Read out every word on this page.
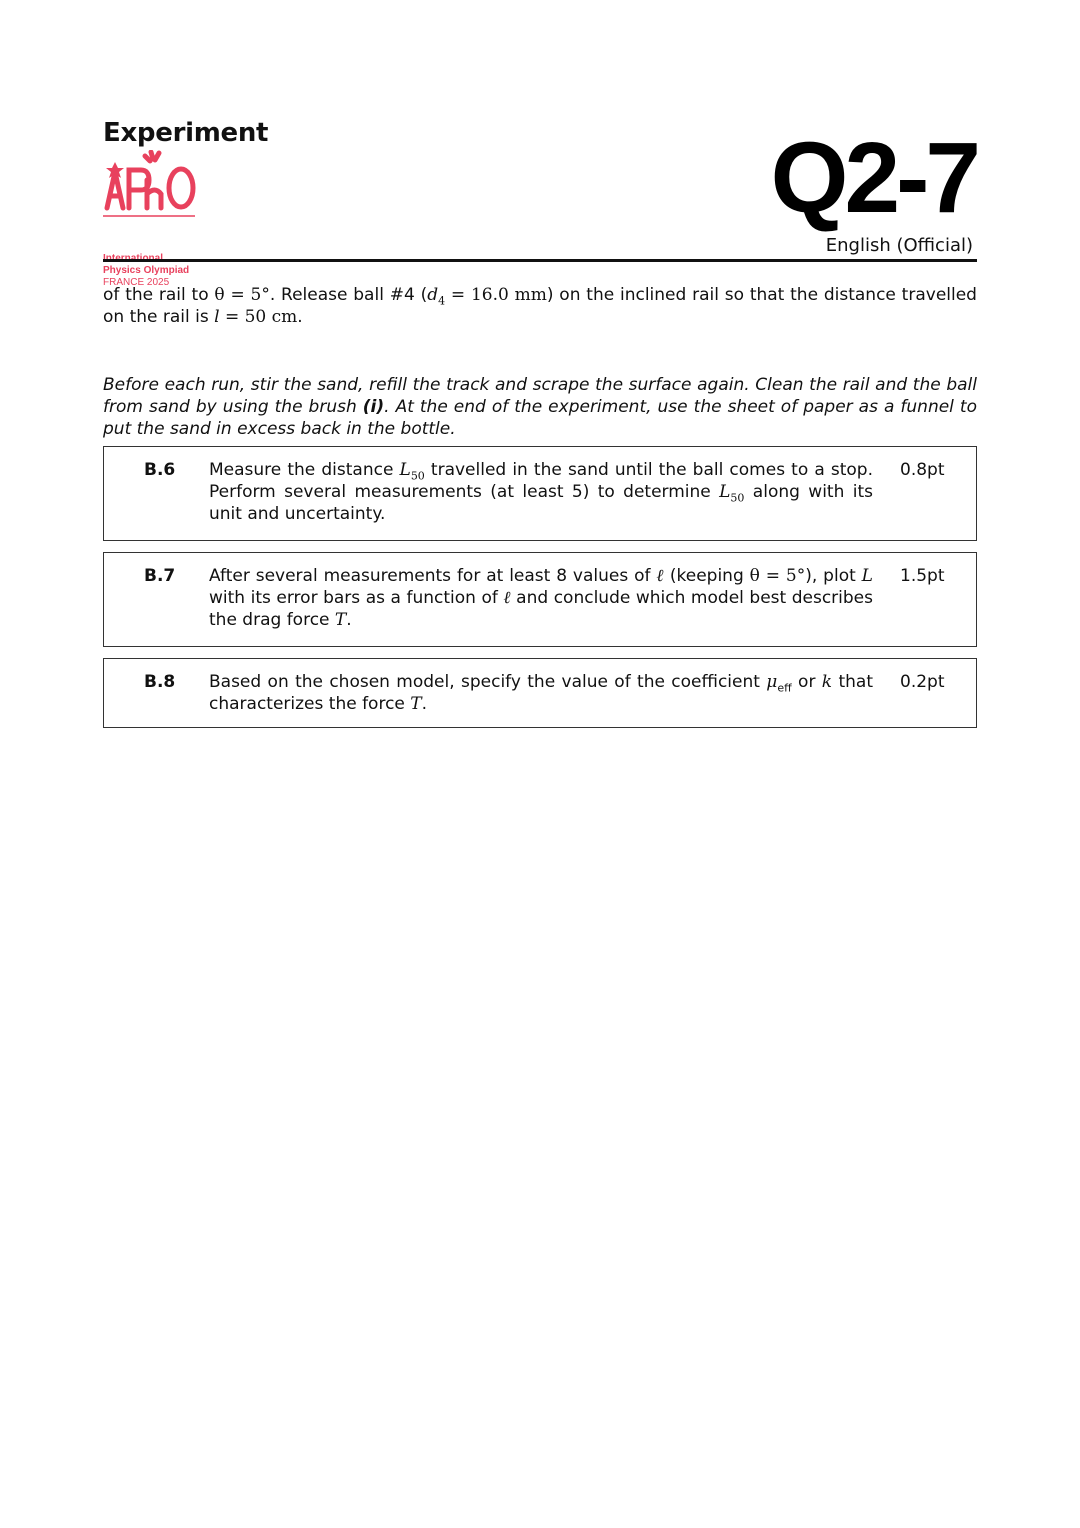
Experiment
Physics Olympiad
FRANCE 2025
Q2-7
English (Official)

of the rail to θ = 5°. Release ball #4 ($d_4 = 16.0$ mm) on the inclined rail so that the distance travelled on the rail is l = 50 cm.

Before each run, stir the sand, refill the track and scrape the surface again. Clean the rail and the ball from sand by using the brush (i). At the end of the experiment, use the sheet of paper as a funnel to put the sand in excess back in the bottle.

B.6 Measure the distance $L_{50}$ travelled in the sand until the ball comes to a stop. Perform several measurements (at least 5) to determine $L_{50}$ along with its unit and uncertainty.
0.8pt
B.7 After several measurements for at least 8 values of ℓ (keeping θ = 5°), plot L with its error bars as a function of ℓ and conclude which model best describes the drag force T.
1.5pt
B.8 Based on the chosen model, specify the value of the coefficient $\mu_{eff}$ or k that characterizes the force T.
0.2pt
